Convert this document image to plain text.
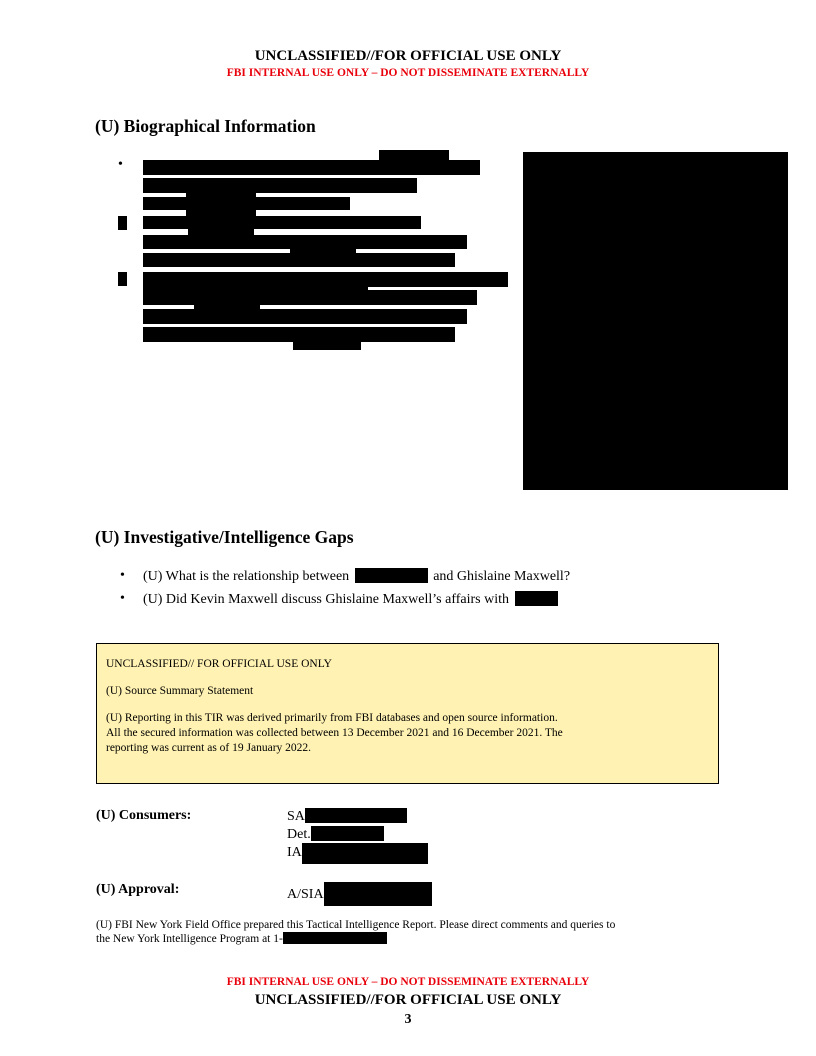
UNCLASSIFIED//FOR OFFICIAL USE ONLY
FBI INTERNAL USE ONLY – DO NOT DISSEMINATE EXTERNALLY
(U) Biographical Information
•
(U) Investigative/Intelligence Gaps
• (U) What is the relationship between	and Ghislaine Maxwell?
• (U) Did Kevin Maxwell discuss Ghislaine Maxwell’s affairs with

UNCLASSIFIED// FOR OFFICIAL USE ONLY

(U) Source Summary Statement

(U) Reporting in this TIR was derived primarily from FBI databases and open source information.
All the secured information was collected between 13 December 2021 and 16 December 2021. The
reporting was current as of 19 January 2022.

(U) Consumers:	SA
Det.
IA
(U) Approval:	A/SIA
(U) FBI New York Field Office prepared this Tactical Intelligence Report. Please direct comments and queries to
the New York Intelligence Program at 1-
FBI INTERNAL USE ONLY – DO NOT DISSEMINATE EXTERNALLY
UNCLASSIFIED//FOR OFFICIAL USE ONLY
3
